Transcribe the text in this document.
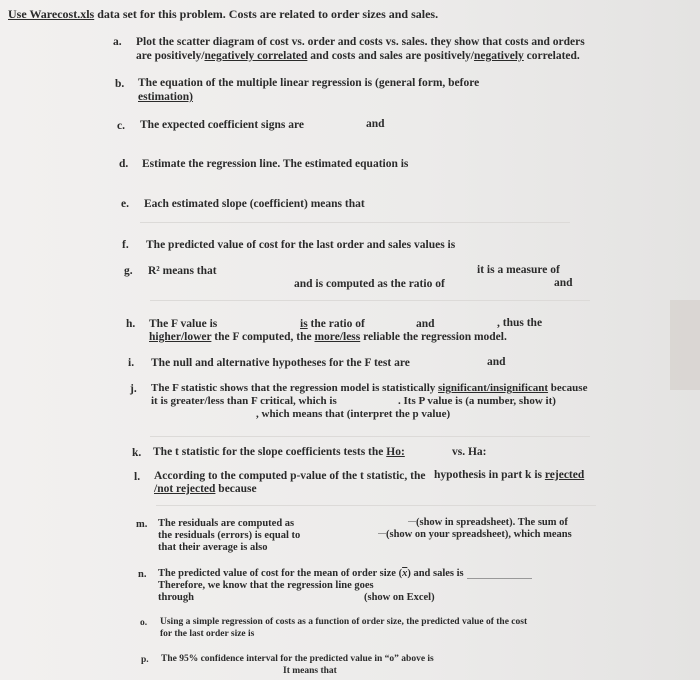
Use Warecost.xls data set for this problem. Costs are related to order sizes and sales.
a. Plot the scatter diagram of cost vs. order and costs vs. sales. they show that costs and orders
are positively/negatively correlated and costs and sales are positively/negatively correlated.
b. The equation of the multiple linear regression is (general form, before
estimation)
c. The expected coefficient signs are	and
d. Estimate the regression line. The estimated equation is
e. Each estimated slope (coefficient) means that
f. The predicted value of cost for the last order and sales values is
g. R² means that	it is a measure of
and is computed as the ratio of	and
h. The F value is	is the ratio of	and	, thus the
higher/lower the F computed, the more/less reliable the regression model.
i. The null and alternative hypotheses for the F test are	and
j. The F statistic shows that the regression model is statistically significant/insignificant because
it is greater/less than F critical, which is	. Its P value is (a number, show it)
, which means that (interpret the p value)
k. The t statistic for the slope coefficients tests the Ho:	vs. Ha:
l. According to the computed p-value of the t statistic, the hypothesis in part k is rejected
/not rejected because
m. The residuals are computed as	(show in spreadsheet). The sum of
the residuals (errors) is equal to	(show on your spreadsheet), which means
that their average is also
n. The predicted value of cost for the mean of order size $(\overline{x})$ and sales is
Therefore, we know that the regression line goes
through	(show on Excel)
o. Using a simple regression of costs as a function of order size, the predicted value of the cost
for the last order size is
p. The 95% confidence interval for the predicted value in “o” above is
It means that
